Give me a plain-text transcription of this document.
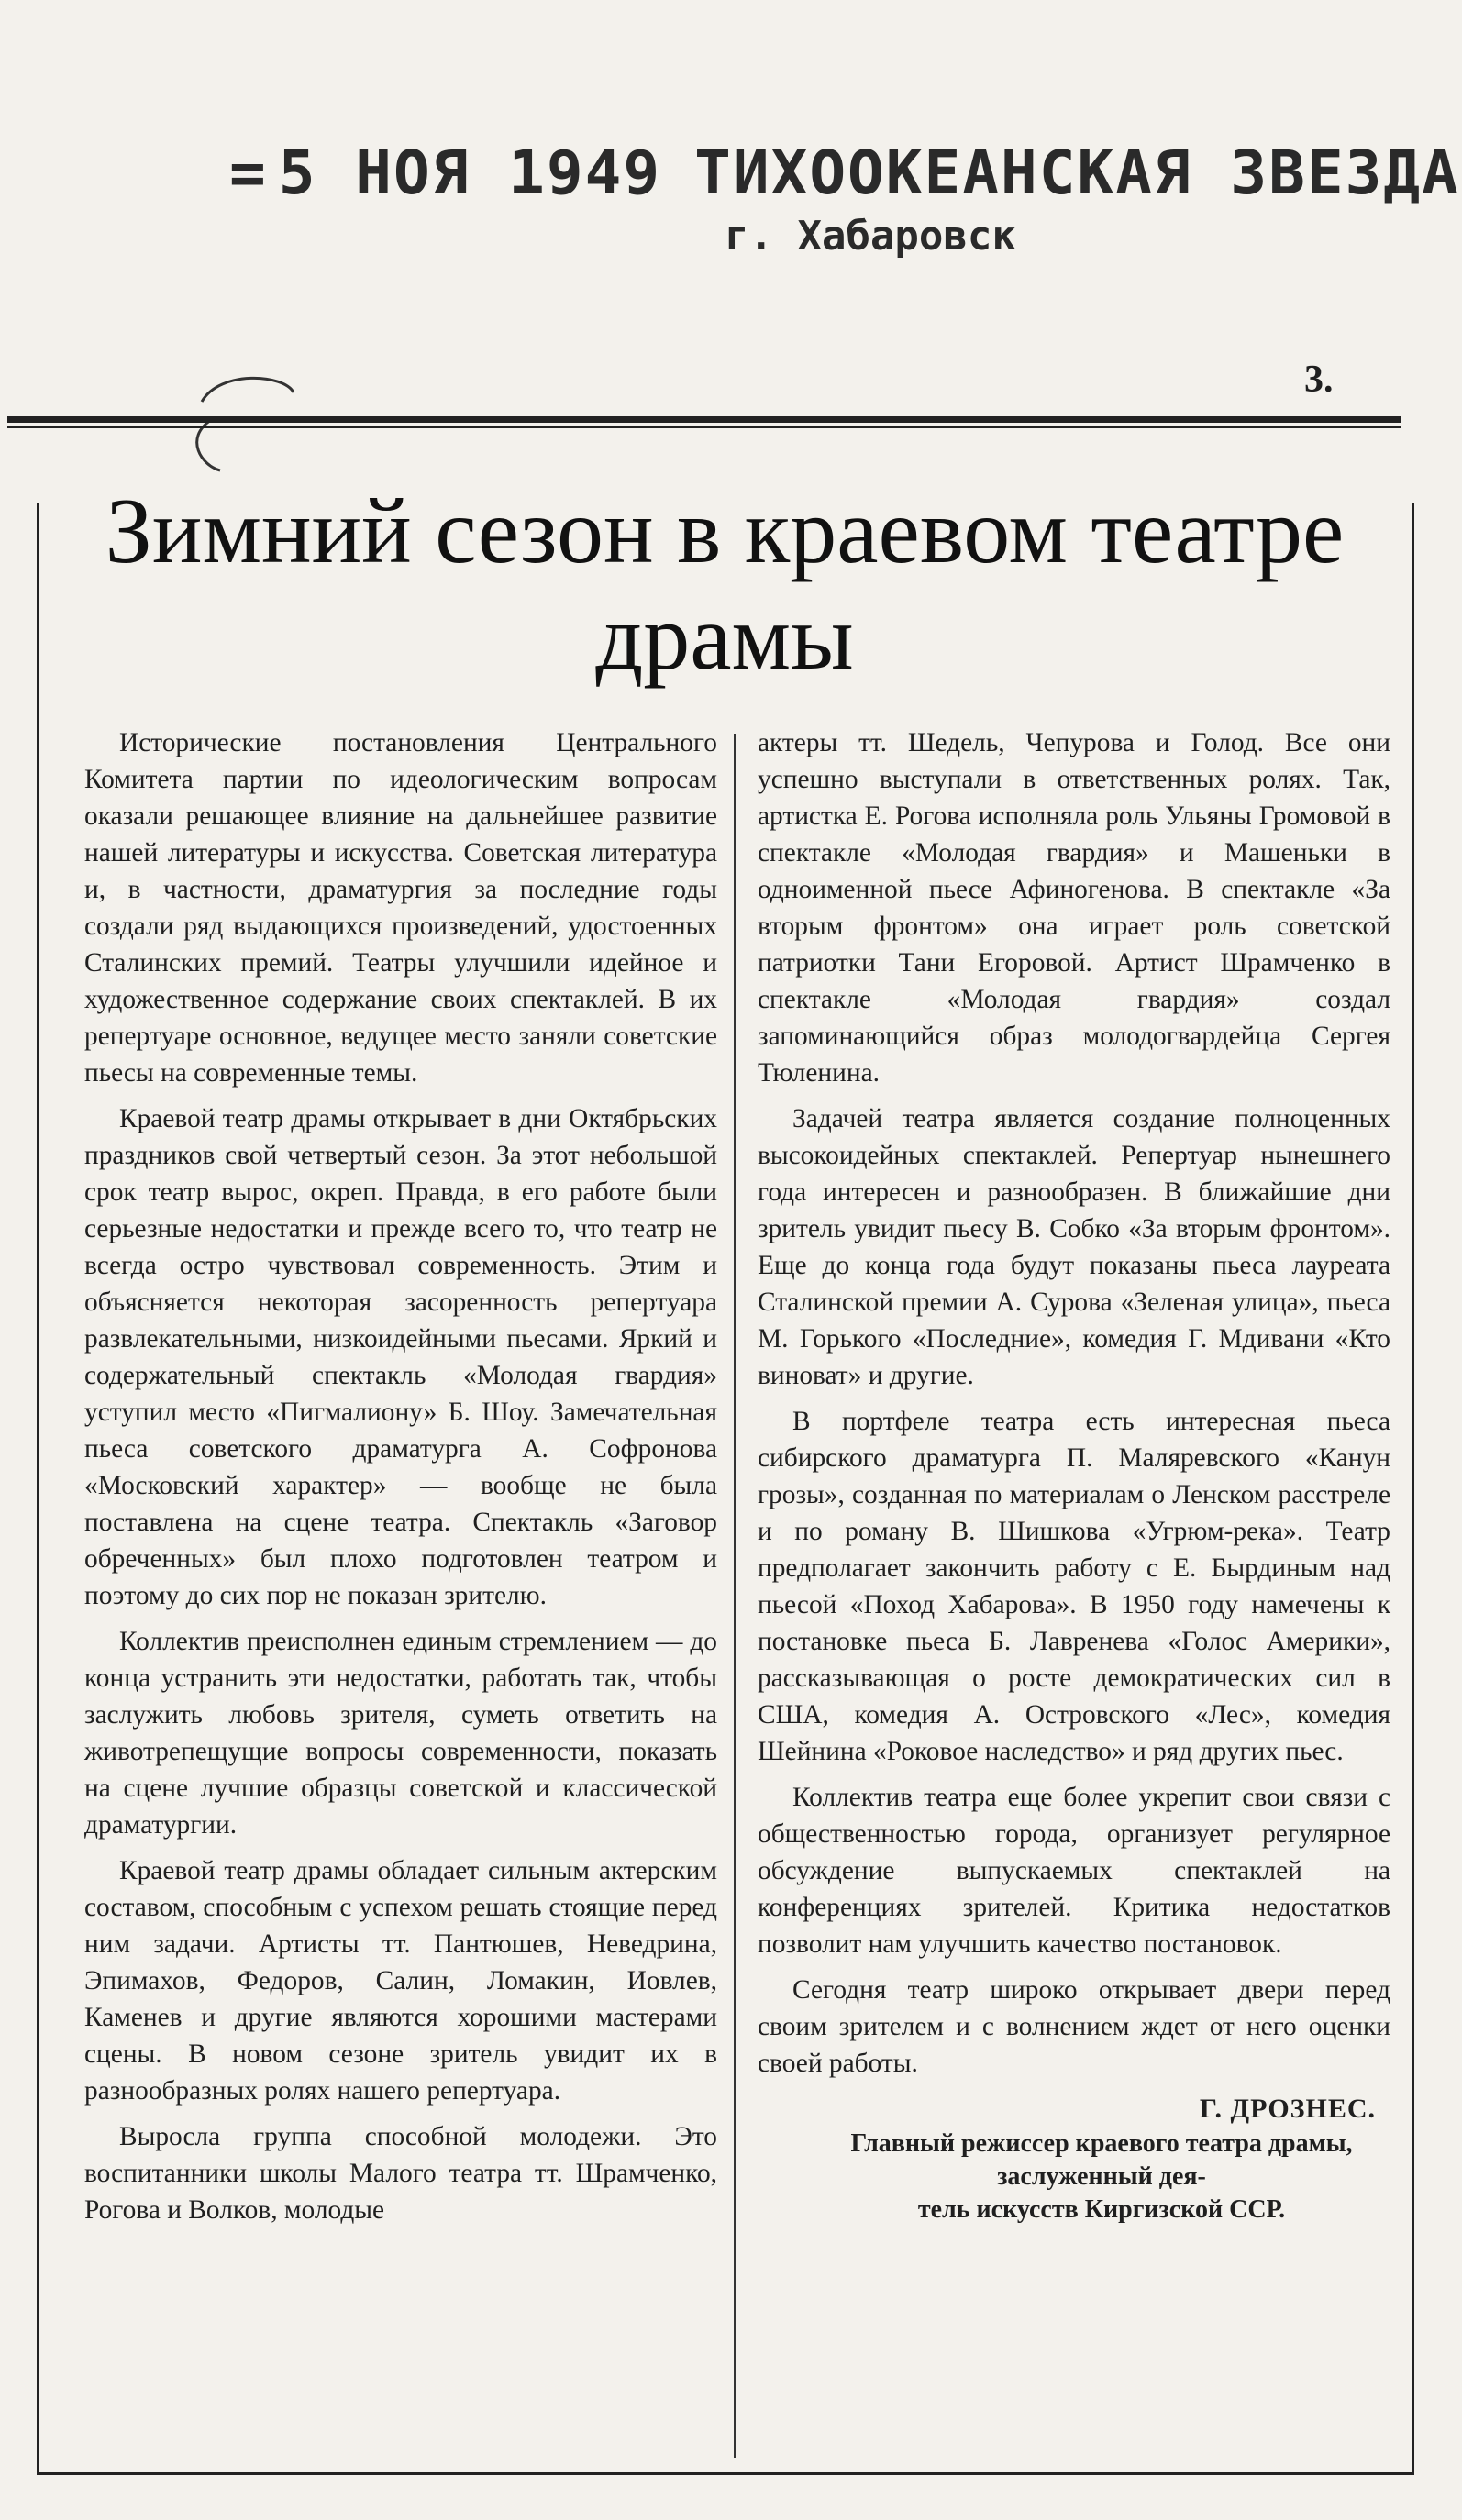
= 5 НОЯ 1949 ТИХООКЕАНСКАЯ ЗВЕЗДА
г. Хабаровск
3.
Зимний сезон в краевом театре драмы

Исторические постановления Центрального Комитета партии по идеологическим вопросам оказали решающее влияние на дальнейшее развитие нашей литературы и искусства. Советская литература и, в частности, драматургия за последние годы создали ряд выдающихся произведений, удостоенных Сталинских премий. Театры улучшили идейное и художественное содержание своих спектаклей. В их репертуаре основное, ведущее место заняли советские пьесы на современные темы.

Краевой театр драмы открывает в дни Октябрьских праздников свой четвертый сезон. За этот небольшой срок театр вырос, окреп. Правда, в его работе были серьезные недостатки и прежде всего то, что театр не всегда остро чувствовал современность. Этим и объясняется некоторая засоренность репертуара развлекательными, низкоидейными пьесами. Яркий и содержательный спектакль «Молодая гвардия» уступил место «Пигмалиону» Б. Шоу. Замечательная пьеса советского драматурга А. Софронова «Московский характер» — вообще не была поставлена на сцене театра. Спектакль «Заговор обреченных» был плохо подготовлен театром и поэтому до сих пор не показан зрителю.

Коллектив преисполнен единым стремлением — до конца устранить эти недостатки, работать так, чтобы заслужить любовь зрителя, суметь ответить на животрепещущие вопросы современности, показать на сцене лучшие образцы советской и классической драматургии.

Краевой театр драмы обладает сильным актерским составом, способным с успехом решать стоящие перед ним задачи. Артисты тт. Пантюшев, Неведрина, Эпимахов, Федоров, Салин, Ломакин, Иовлев, Каменев и другие являются хорошими мастерами сцены. В новом сезоне зритель увидит их в разнообразных ролях нашего репертуара.

Выросла группа способной молодежи. Это воспитанники школы Малого театра тт. Шрамченко, Рогова и Волков, молодые

актеры тт. Шедель, Чепурова и Голод. Все они успешно выступали в ответственных ролях. Так, артистка Е. Рогова исполняла роль Ульяны Громовой в спектакле «Молодая гвардия» и Машеньки в одноименной пьесе Афиногенова. В спектакле «За вторым фронтом» она играет роль советской патриотки Тани Егоровой. Артист Шрамченко в спектакле «Молодая гвардия» создал запоминающийся образ молодогвардейца Сергея Тюленина.

Задачей театра является создание полноценных высокоидейных спектаклей. Репертуар нынешнего года интересен и разнообразен. В ближайшие дни зритель увидит пьесу В. Собко «За вторым фронтом». Еще до конца года будут показаны пьеса лауреата Сталинской премии А. Сурова «Зеленая улица», пьеса М. Горького «Последние», комедия Г. Мдивани «Кто виноват» и другие.

В портфеле театра есть интересная пьеса сибирского драматурга П. Маляревского «Канун грозы», созданная по материалам о Ленском расстреле и по роману В. Шишкова «Угрюм-река». Театр предполагает закончить работу с Е. Бырдиным над пьесой «Поход Хабарова». В 1950 году намечены к постановке пьеса Б. Лавренева «Голос Америки», рассказывающая о росте демократических сил в США, комедия А. Островского «Лес», комедия Шейнина «Роковое наследство» и ряд других пьес.

Коллектив театра еще более укрепит свои связи с общественностью города, организует регулярное обсуждение выпускаемых спектаклей на конференциях зрителей. Критика недостатков позволит нам улучшить качество постановок.

Сегодня театр широко открывает двери перед своим зрителем и с волнением ждет от него оценки своей работы.

Г. ДРОЗНЕС.
Главный режиссер краевого театра драмы, заслуженный дея-
тель искусств Киргизской ССР.
